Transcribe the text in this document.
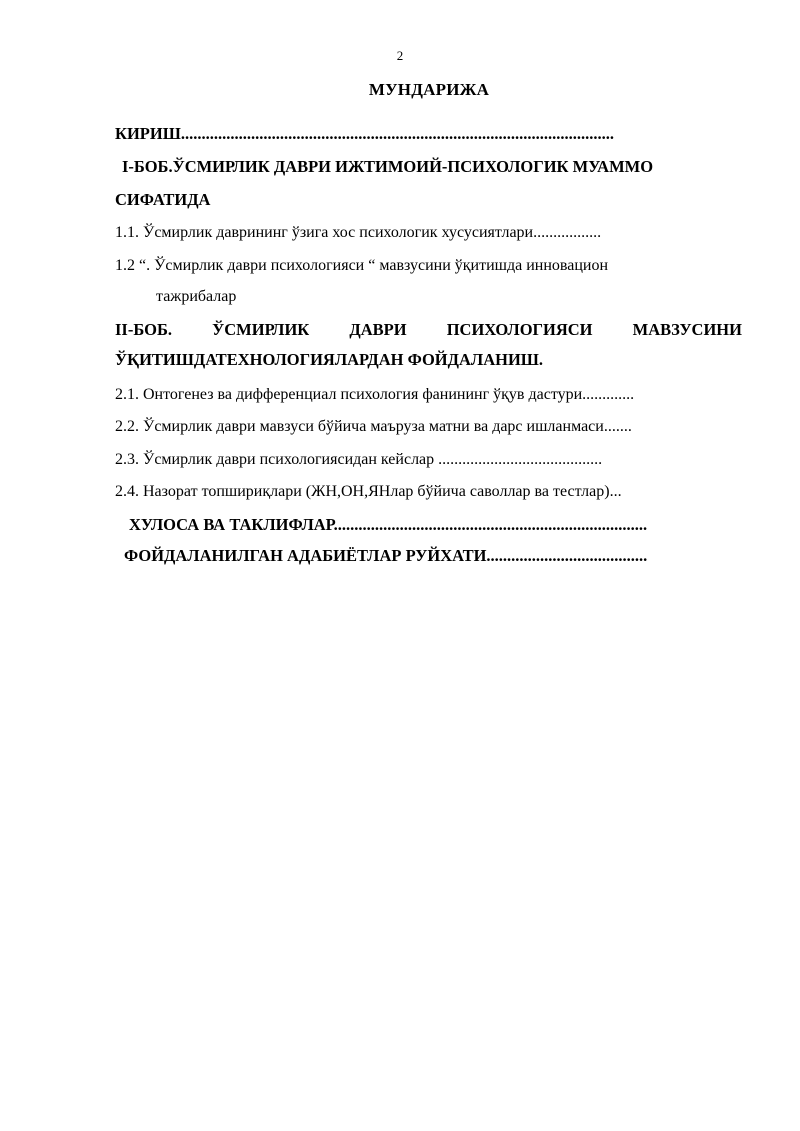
2
МУНДАРИЖА
КИРИШ.........................................................................................................
I-БОБ.ЎСМИРЛИК ДАВРИ ИЖТИМОИЙ-ПСИХОЛОГИК МУАММО
СИФАТИДА
1.1. Ўсмирлик даврининг ўзига хос психологик хусусиятлари.................
1.2 “. Ўсмирлик даври психологияси “ мавзусини ўқитишда инновацион
тажрибалар
II-БОБ. ЎСМИРЛИК ДАВРИ ПСИХОЛОГИЯСИ МАВЗУСИНИ
ЎҚИТИШДАТЕХНОЛОГИЯЛАРДАН ФОЙДАЛАНИШ.
2.1. Онтогенез ва дифференциал психология фанининг ўқув дастури.............
2.2. Ўсмирлик даври мавзуси бўйича маъруза матни ва дарс ишланмаси.......
2.3. Ўсмирлик даври психологиясидан кейслар .........................................
2.4. Назорат топшириқлари (ЖН,ОН,ЯНлар бўйича саволлар ва тестлар)...
ХУЛОСА ВА ТАКЛИФЛАР............................................................................
ФОЙДАЛАНИЛГАН АДАБИЁТЛАР РУЙХАТИ.......................................
